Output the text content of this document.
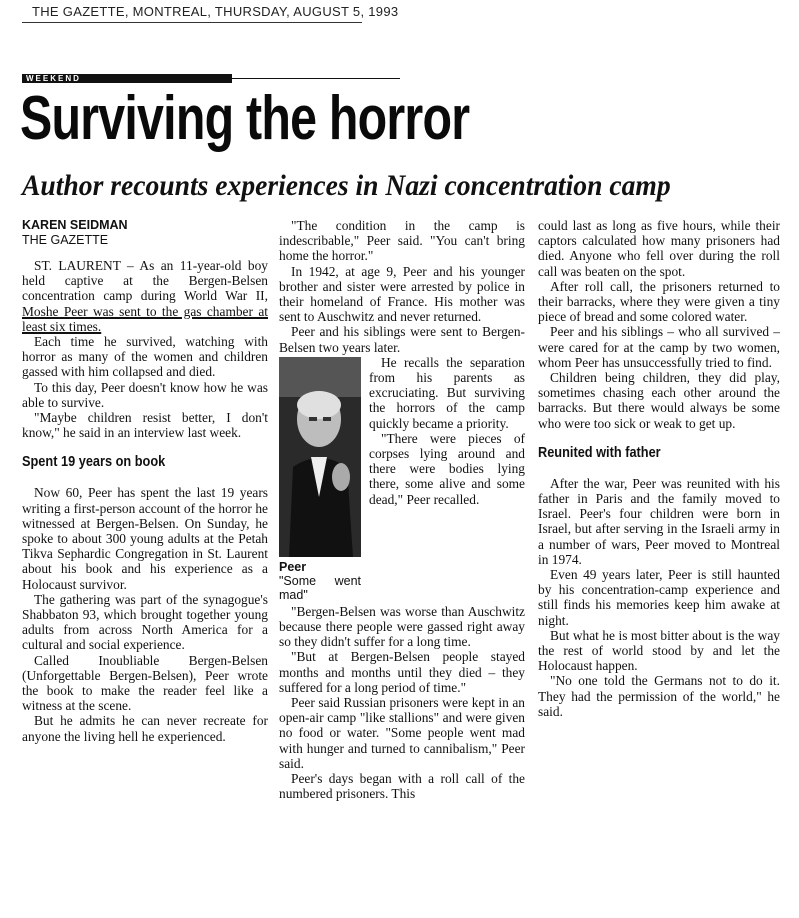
THE GAZETTE, MONTREAL, THURSDAY, AUGUST 5, 1993
WEEKEND
Surviving the horror
Author recounts experiences in Nazi concentration camp
KAREN SEIDMAN
THE GAZETTE

ST. LAURENT – As an 11-year-old boy held captive at the Bergen-Belsen concentration camp during World War II, Moshe Peer was sent to the gas chamber at least six times.

Each time he survived, watching with horror as many of the women and children gassed with him collapsed and died.

To this day, Peer doesn't know how he was able to survive.

"Maybe children resist better, I don't know," he said in an interview last week.

Spent 19 years on book

Now 60, Peer has spent the last 19 years writing a first-person account of the horror he witnessed at Bergen-Belsen. On Sunday, he spoke to about 300 young adults at the Petah Tikva Sephardic Congregation in St. Laurent about his book and his experience as a Holocaust survivor.

The gathering was part of the synagogue's Shabbaton 93, which brought together young adults from across North America for a cultural and social experience.

Called Inoubliable Bergen-Belsen (Unforgettable Bergen-Belsen), Peer wrote the book to make the reader feel like a witness at the scene.

But he admits he can never recreate for anyone the living hell he experienced.

"The condition in the camp is indescribable," Peer said. "You can't bring home the horror."

In 1942, at age 9, Peer and his younger brother and sister were arrested by police in their homeland of France. His mother was sent to Auschwitz and never returned.

Peer and his siblings were sent to Bergen-Belsen two years later.

Peer
"Some went mad"

He recalls the separation from his parents as excruciating. But surviving the horrors of the camp quickly became a priority.

"There were pieces of corpses lying around and there were bodies lying there, some alive and some dead," Peer recalled.

"Bergen-Belsen was worse than Auschwitz because there people were gassed right away so they didn't suffer for a long time.

"But at Bergen-Belsen people stayed months and months until they died – they suffered for a long period of time."

Peer said Russian prisoners were kept in an open-air camp "like stallions" and were given no food or water. "Some people went mad with hunger and turned to cannibalism," Peer said.

Peer's days began with a roll call of the numbered prisoners. This

could last as long as five hours, while their captors calculated how many prisoners had died. Anyone who fell over during the roll call was beaten on the spot.

After roll call, the prisoners returned to their barracks, where they were given a tiny piece of bread and some colored water.

Peer and his siblings – who all survived – were cared for at the camp by two women, whom Peer has unsuccessfully tried to find.

Children being children, they did play, sometimes chasing each other around the barracks. But there would always be some who were too sick or weak to get up.

Reunited with father

After the war, Peer was reunited with his father in Paris and the family moved to Israel. Peer's four children were born in Israel, but after serving in the Israeli army in a number of wars, Peer moved to Montreal in 1974.

Even 49 years later, Peer is still haunted by his concentration-camp experience and still finds his memories keep him awake at night.

But what he is most bitter about is the way the rest of world stood by and let the Holocaust happen.

"No one told the Germans not to do it. They had the permission of the world," he said.
